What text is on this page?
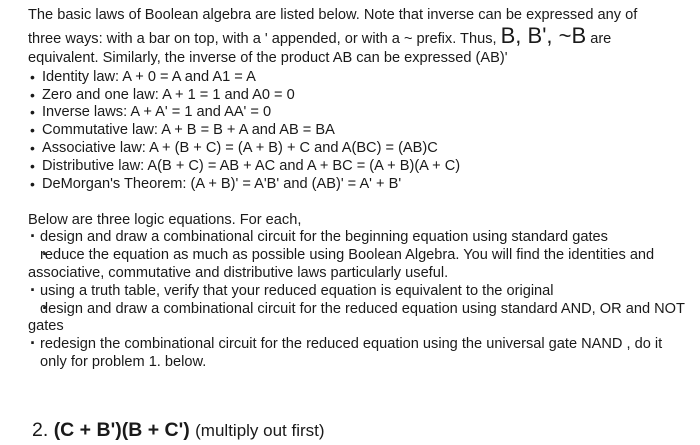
The basic laws of Boolean algebra are listed below. Note that inverse can be expressed any of

three ways: with a bar on top, with a ' appended, or with a ~ prefix. Thus, B, B', ~B are

equivalent. Similarly, the inverse of the product AB can be expressed (AB)'

• Identity law: A + 0 = A and A1 = A
• Zero and one law: A + 1 = 1 and A0 = 0
• Inverse laws: A + A' = 1 and AA' = 0
• Commutative law: A + B = B + A and AB = BA
• Associative law: A + (B + C) = (A + B) + C and A(BC) = (AB)C
• Distributive law: A(B + C) = AB + AC and A + BC = (A + B)(A + C)
• DeMorgan's Theorem: (A + B)' = A'B' and (AB)' = A' + B'

Below are three logic equations. For each,

· design and draw a combinational circuit for the beginning equation using standard gates
· reduce the equation as much as possible using Boolean Algebra. You will find the identities and associative, commutative and distributive laws particularly useful.
· using a truth table, verify that your reduced equation is equivalent to the original
· design and draw a combinational circuit for the reduced equation using standard AND, OR and NOT gates
· redesign the combinational circuit for the reduced equation using the universal gate NAND , do it only for problem 1. below.
2. (C + B')(B + C') (multiply out first)
